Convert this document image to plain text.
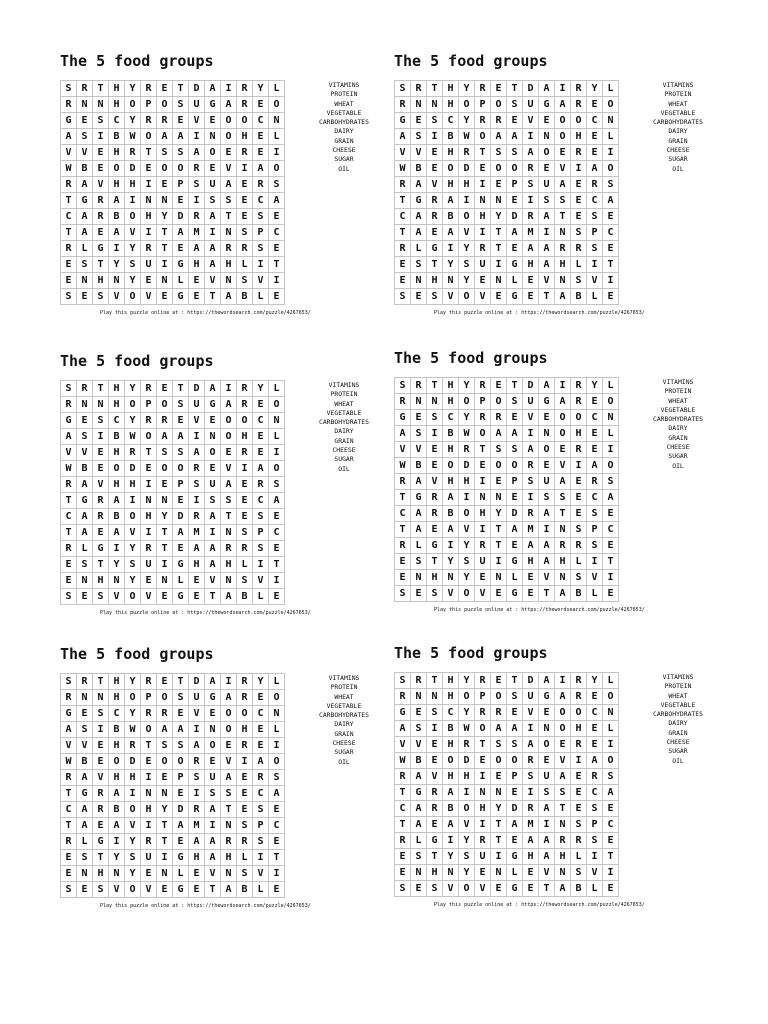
The 5 food groups
S R T H Y R E T D A I R Y L
R N N H O P O S U G A R E O
G E S C Y R R E V E O O C N
A S I B W O A A I N O H E L
V V E H R T S S A O E R E I
W B E O D E O O R E V I A O
R A V H H I E P S U A E R S
T G R A I N N E I S S E C A
C A R B O H Y D R A T E S E
T A E A V I T A M I N S P C
R L G I Y R T E A A R R S E
E S T Y S U I G H A H L I T
E N H N Y E N L E V N S V I
S E S V O V E G E T A B L E
VITAMINS
PROTEIN
WHEAT
VEGETABLE
CARBOHYDRATES
DAIRY
GRAIN
CHEESE
SUGAR
OIL
Play this puzzle online at : https://thewordsearch.com/puzzle/4267653/
The 5 food groups
S R T H Y R E T D A I R Y L
R N N H O P O S U G A R E O
G E S C Y R R E V E O O C N
A S I B W O A A I N O H E L
V V E H R T S S A O E R E I
W B E O D E O O R E V I A O
R A V H H I E P S U A E R S
T G R A I N N E I S S E C A
C A R B O H Y D R A T E S E
T A E A V I T A M I N S P C
R L G I Y R T E A A R R S E
E S T Y S U I G H A H L I T
E N H N Y E N L E V N S V I
S E S V O V E G E T A B L E
VITAMINS
PROTEIN
WHEAT
VEGETABLE
CARBOHYDRATES
DAIRY
GRAIN
CHEESE
SUGAR
OIL
Play this puzzle online at : https://thewordsearch.com/puzzle/4267653/
The 5 food groups
S R T H Y R E T D A I R Y L
R N N H O P O S U G A R E O
G E S C Y R R E V E O O C N
A S I B W O A A I N O H E L
V V E H R T S S A O E R E I
W B E O D E O O R E V I A O
R A V H H I E P S U A E R S
T G R A I N N E I S S E C A
C A R B O H Y D R A T E S E
T A E A V I T A M I N S P C
R L G I Y R T E A A R R S E
E S T Y S U I G H A H L I T
E N H N Y E N L E V N S V I
S E S V O V E G E T A B L E
VITAMINS
PROTEIN
WHEAT
VEGETABLE
CARBOHYDRATES
DAIRY
GRAIN
CHEESE
SUGAR
OIL
Play this puzzle online at : https://thewordsearch.com/puzzle/4267653/
The 5 food groups
S R T H Y R E T D A I R Y L
R N N H O P O S U G A R E O
G E S C Y R R E V E O O C N
A S I B W O A A I N O H E L
V V E H R T S S A O E R E I
W B E O D E O O R E V I A O
R A V H H I E P S U A E R S
T G R A I N N E I S S E C A
C A R B O H Y D R A T E S E
T A E A V I T A M I N S P C
R L G I Y R T E A A R R S E
E S T Y S U I G H A H L I T
E N H N Y E N L E V N S V I
S E S V O V E G E T A B L E
VITAMINS
PROTEIN
WHEAT
VEGETABLE
CARBOHYDRATES
DAIRY
GRAIN
CHEESE
SUGAR
OIL
Play this puzzle online at : https://thewordsearch.com/puzzle/4267653/
The 5 food groups
S R T H Y R E T D A I R Y L
R N N H O P O S U G A R E O
G E S C Y R R E V E O O C N
A S I B W O A A I N O H E L
V V E H R T S S A O E R E I
W B E O D E O O R E V I A O
R A V H H I E P S U A E R S
T G R A I N N E I S S E C A
C A R B O H Y D R A T E S E
T A E A V I T A M I N S P C
R L G I Y R T E A A R R S E
E S T Y S U I G H A H L I T
E N H N Y E N L E V N S V I
S E S V O V E G E T A B L E
VITAMINS
PROTEIN
WHEAT
VEGETABLE
CARBOHYDRATES
DAIRY
GRAIN
CHEESE
SUGAR
OIL
Play this puzzle online at : https://thewordsearch.com/puzzle/4267653/
The 5 food groups
S R T H Y R E T D A I R Y L
R N N H O P O S U G A R E O
G E S C Y R R E V E O O C N
A S I B W O A A I N O H E L
V V E H R T S S A O E R E I
W B E O D E O O R E V I A O
R A V H H I E P S U A E R S
T G R A I N N E I S S E C A
C A R B O H Y D R A T E S E
T A E A V I T A M I N S P C
R L G I Y R T E A A R R S E
E S T Y S U I G H A H L I T
E N H N Y E N L E V N S V I
S E S V O V E G E T A B L E
VITAMINS
PROTEIN
WHEAT
VEGETABLE
CARBOHYDRATES
DAIRY
GRAIN
CHEESE
SUGAR
OIL
Play this puzzle online at : https://thewordsearch.com/puzzle/4267653/
